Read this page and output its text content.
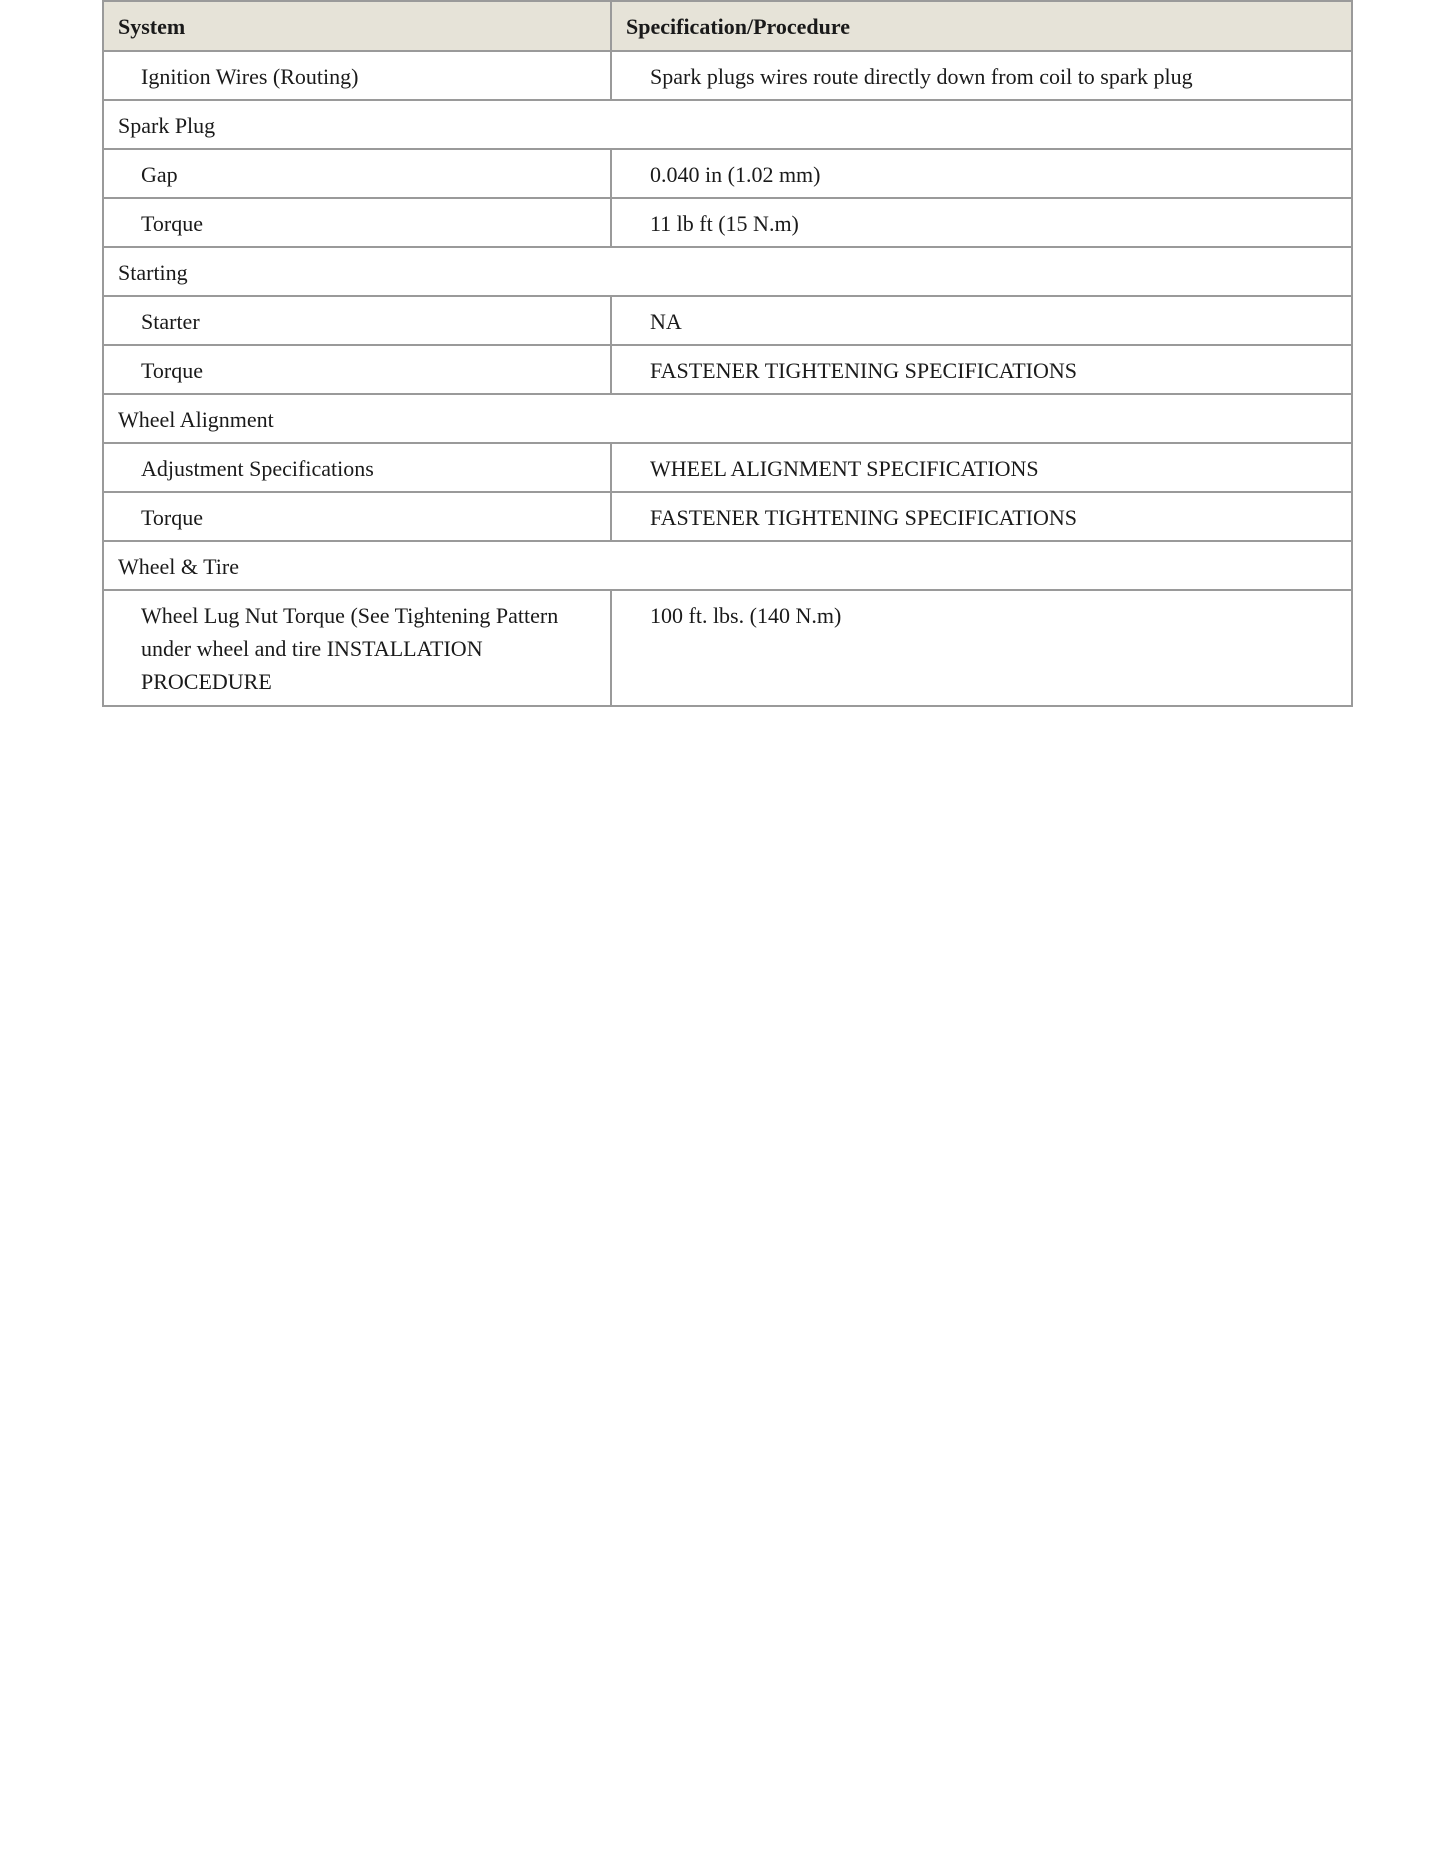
System	Specification/Procedure
Ignition Wires (Routing)	Spark plugs wires route directly down from coil to spark plug
Spark Plug	
Gap	0.040 in (1.02 mm)
Torque	11 lb ft (15 N.m)
Starting	
Starter	NA
Torque	FASTENER TIGHTENING SPECIFICATIONS
Wheel Alignment	
Adjustment Specifications	WHEEL ALIGNMENT SPECIFICATIONS
Torque	FASTENER TIGHTENING SPECIFICATIONS
Wheel & Tire	
Wheel Lug Nut Torque (See Tightening Pattern under wheel and tire INSTALLATION PROCEDURE	100 ft. lbs. (140 N.m)
